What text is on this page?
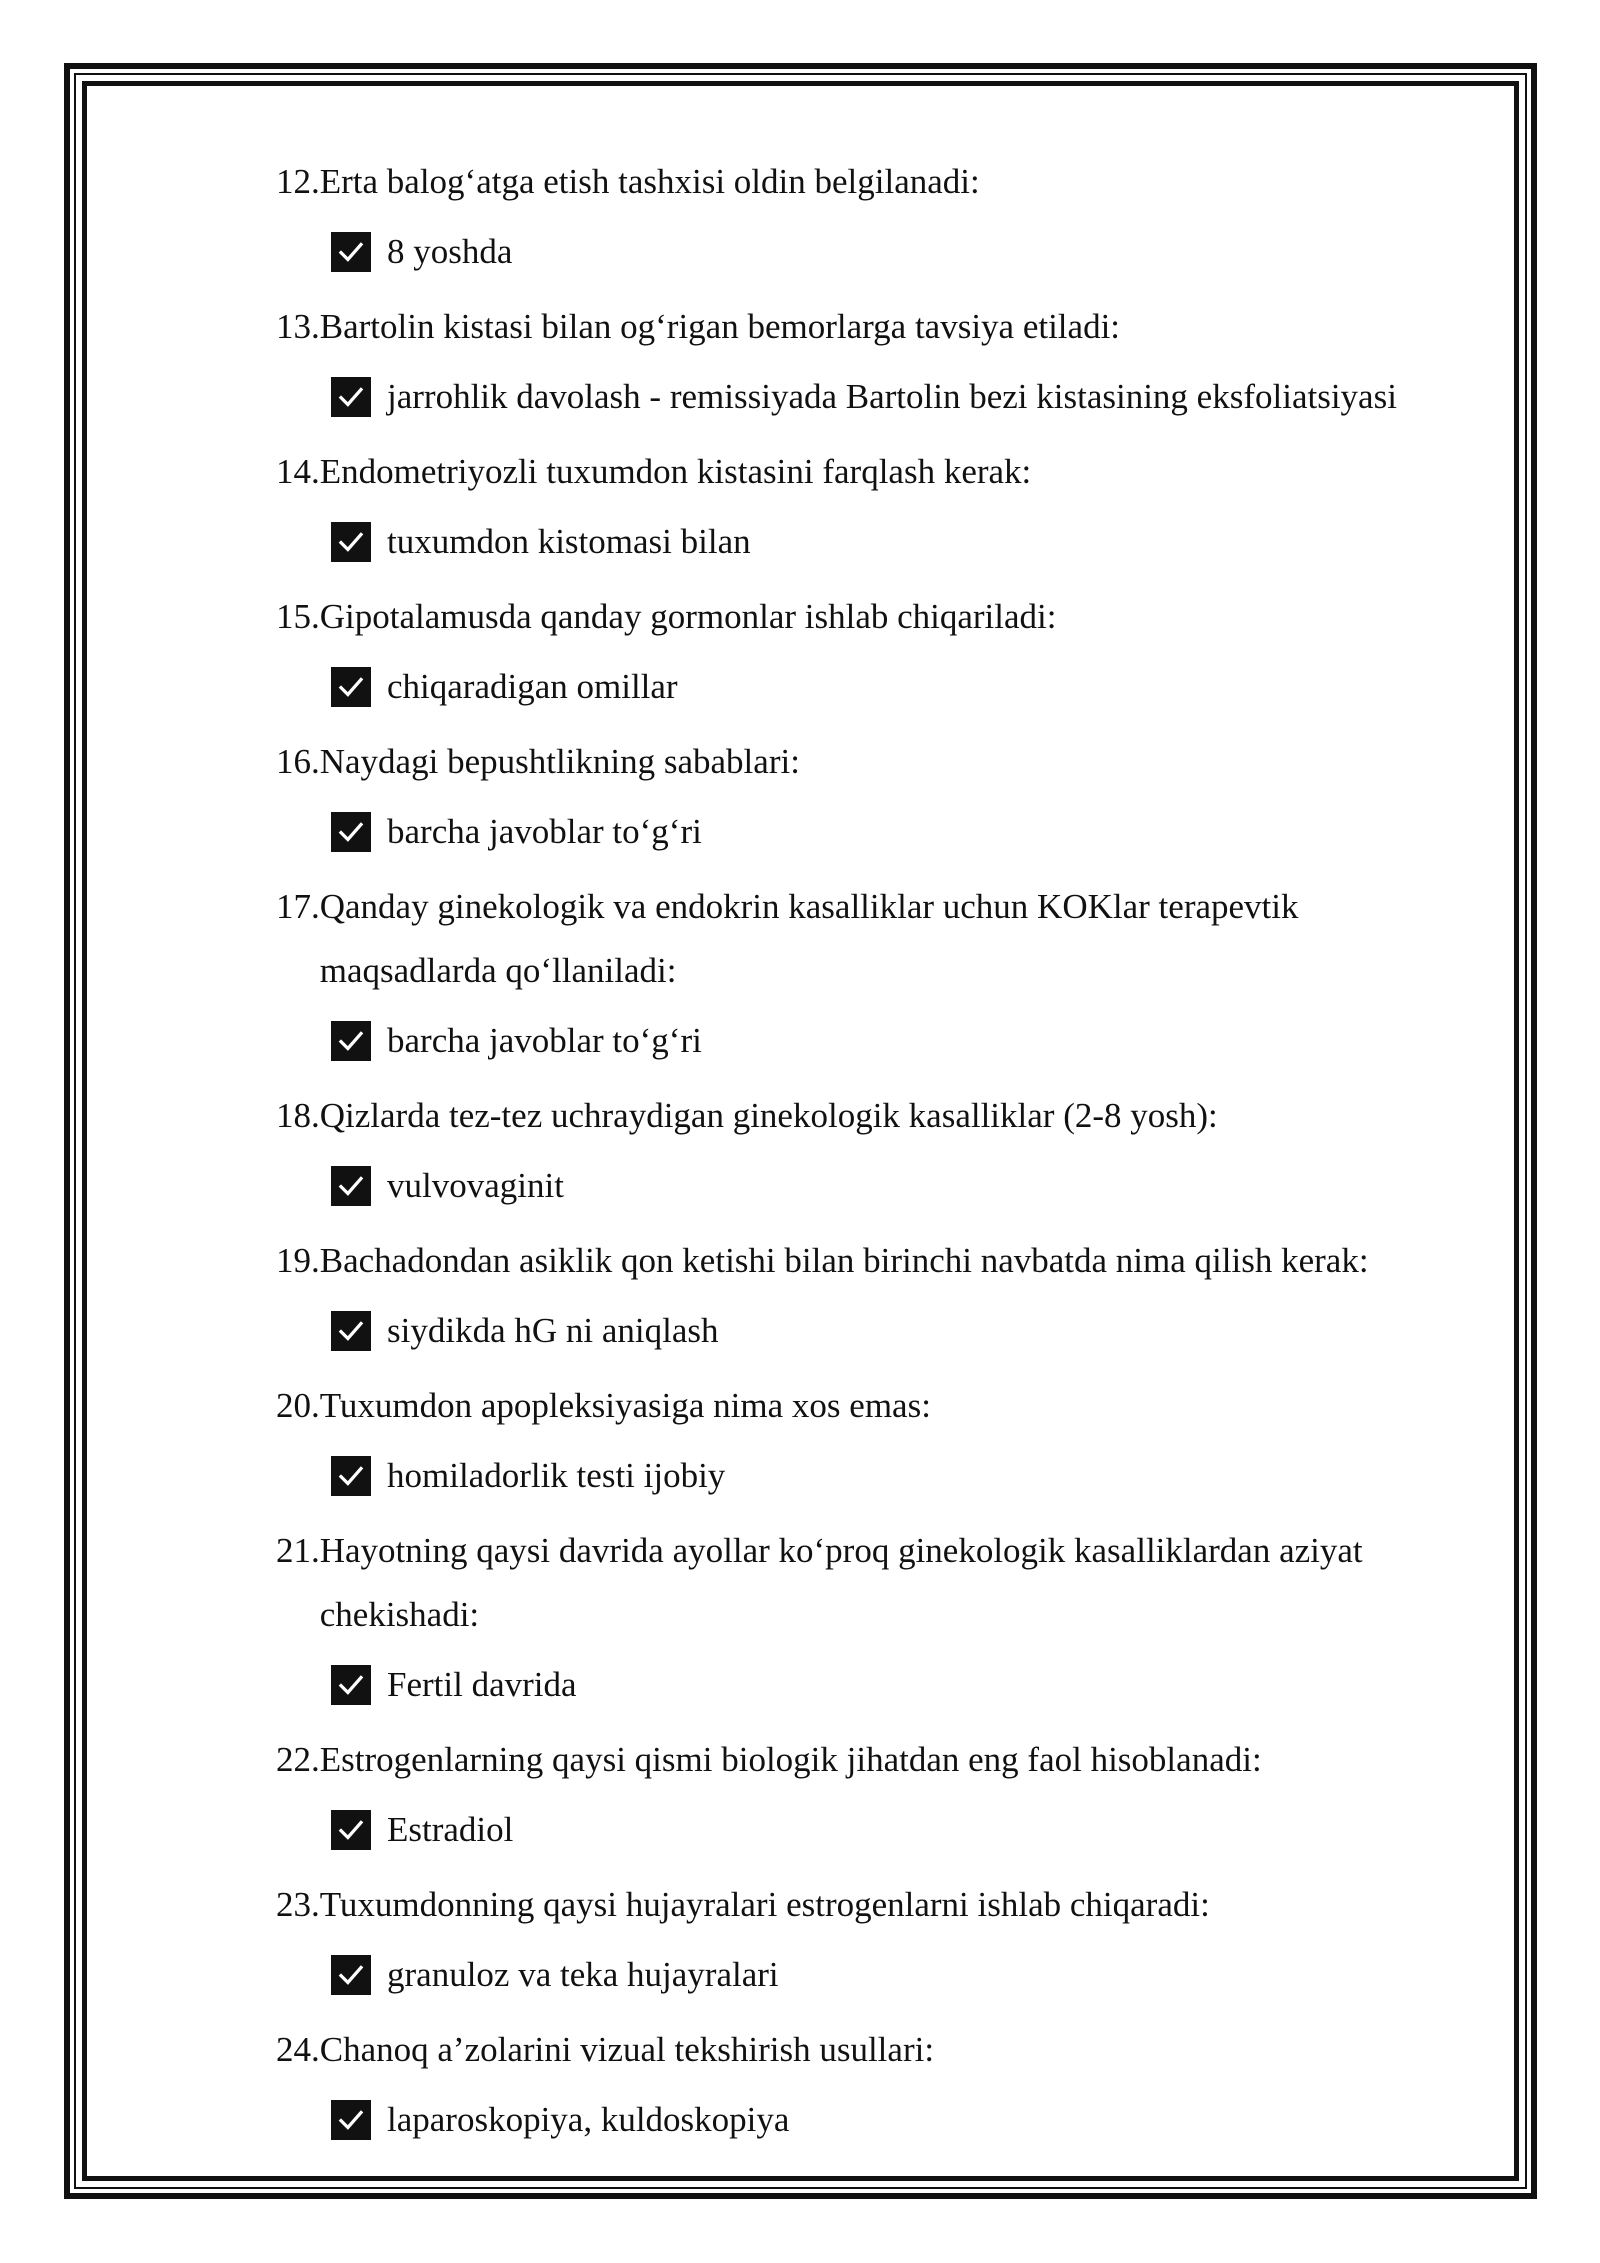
12. Erta balog‘atga etish tashxisi oldin belgilanadi:
8 yoshda
13. Bartolin kistasi bilan og‘rigan bemorlarga tavsiya etiladi:
jarrohlik davolash - remissiyada Bartolin bezi kistasining eksfoliatsiyasi
14. Endometriyozli tuxumdon kistasini farqlash kerak:
tuxumdon kistomasi bilan
15. Gipotalamusda qanday gormonlar ishlab chiqariladi:
chiqaradigan omillar
16. Naydagi bepushtlikning sabablari:
barcha javoblar to‘g‘ri
17. Qanday ginekologik va endokrin kasalliklar uchun KOKlar terapevtik maqsadlarda qo‘llaniladi:
barcha javoblar to‘g‘ri
18. Qizlarda tez-tez uchraydigan ginekologik kasalliklar (2-8 yosh):
vulvovaginit
19. Bachadondan asiklik qon ketishi bilan birinchi navbatda nima qilish kerak:
siydikda hG ni aniqlash
20. Tuxumdon apopleksiyasiga nima xos emas:
homiladorlik testi ijobiy
21. Hayotning qaysi davrida ayollar ko‘proq ginekologik kasalliklardan aziyat chekishadi:
Fertil davrida
22. Estrogenlarning qaysi qismi biologik jihatdan eng faol hisoblanadi:
Estradiol
23. Tuxumdonning qaysi hujayralari estrogenlarni ishlab chiqaradi:
granuloz va teka hujayralari
24. Chanoq a’zolarini vizual tekshirish usullari:
laparoskopiya, kuldoskopiya
